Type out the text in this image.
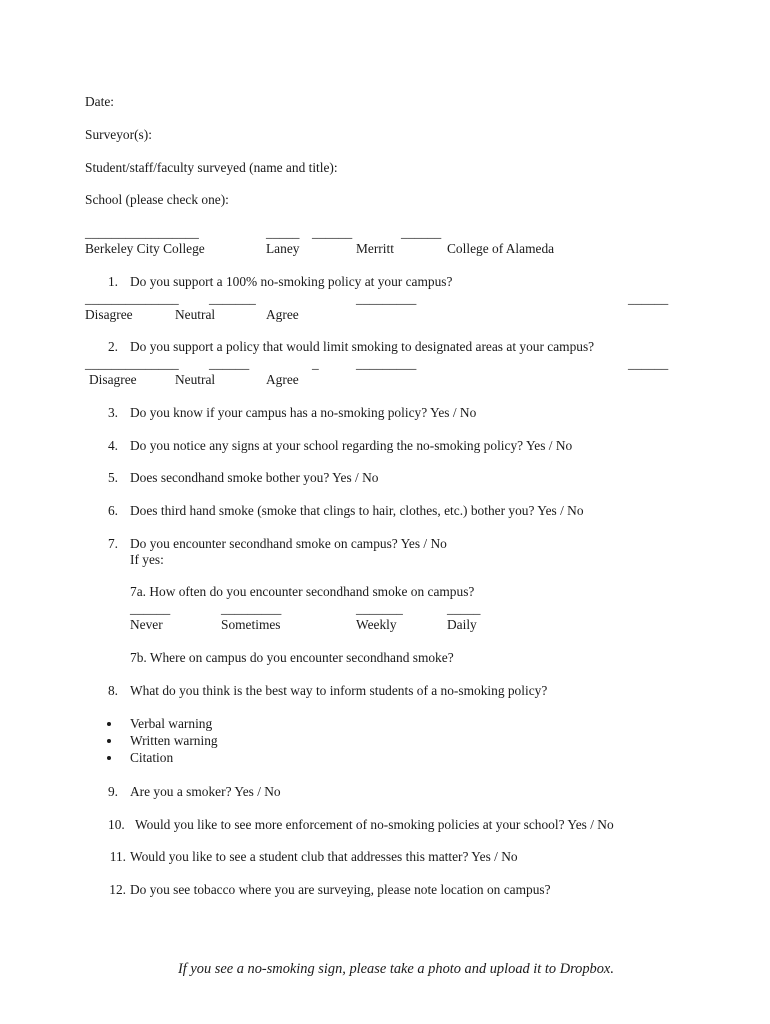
Date:
Surveyor(s):
Student/staff/faculty surveyed (name and title):
School (please check one):
_________________	_____ ______	______
Berkeley City College	Laney	Merritt	College of Alameda
1. Do you support a 100% no-smoking policy at your campus?
______________ _______	_________	______
Disagree	Neutral	Agree
2. Do you support a policy that would limit smoking to designated areas at your campus?
______________ ______	_	_________	______
Disagree	Neutral	Agree
3. Do you know if your campus has a no-smoking policy? Yes / No
4. Do you notice any signs at your school regarding the no-smoking policy? Yes / No
5. Does secondhand smoke bother you? Yes / No
6. Does third hand smoke (smoke that clings to hair, clothes, etc.) bother you? Yes / No
7. Do you encounter secondhand smoke on campus? Yes / No
If yes:
7a. How often do you encounter secondhand smoke on campus?
______	_________	_______	_____
Never	Sometimes	Weekly	Daily
7b. Where on campus do you encounter secondhand smoke?
8. What do you think is the best way to inform students of a no-smoking policy?
Verbal warning
Written warning
Citation
9. Are you a smoker? Yes / No
10. Would you like to see more enforcement of no-smoking policies at your school? Yes / No
11. Would you like to see a student club that addresses this matter? Yes / No
12. Do you see tobacco where you are surveying, please note location on campus?
If you see a no-smoking sign, please take a photo and upload it to Dropbox.
